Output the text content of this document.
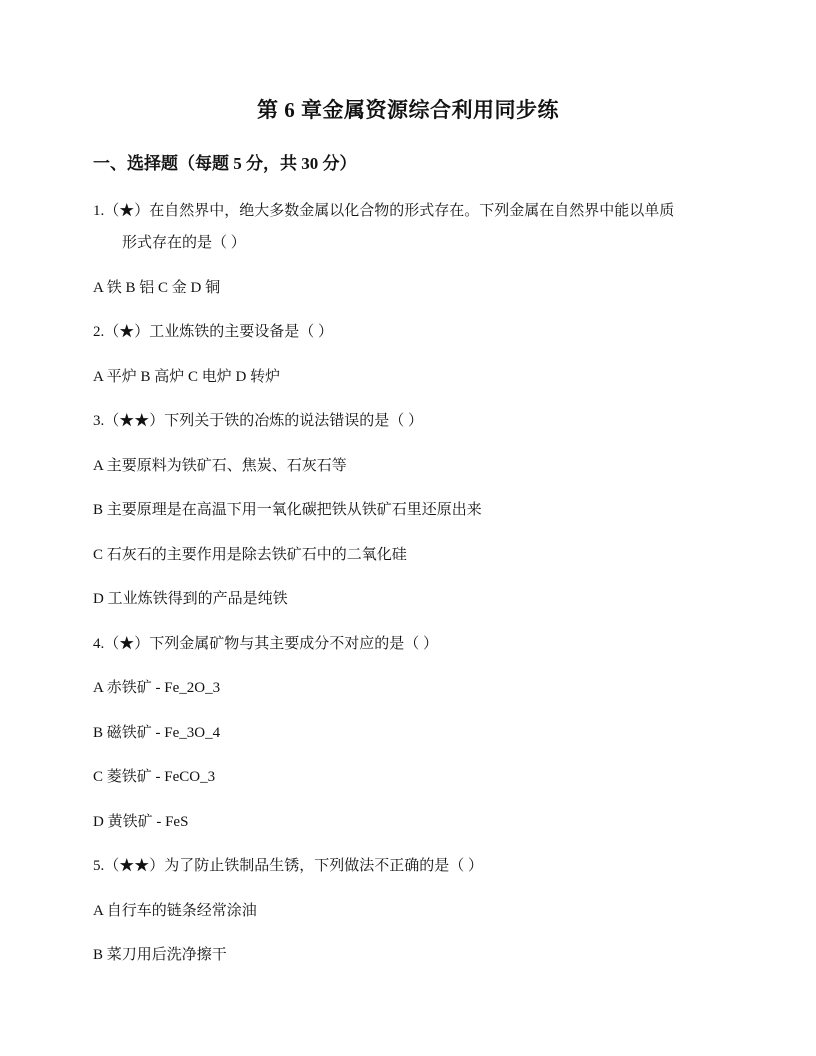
第 6 章金属资源综合利用同步练
一、选择题（每题 5 分，共 30 分）
1.（★）在自然界中，绝大多数金属以化合物的形式存在。下列金属在自然界中能以单质
形式存在的是（ ）
A 铁 B 铝 C 金 D 铜
2.（★）工业炼铁的主要设备是（ ）
A 平炉 B 高炉 C 电炉 D 转炉
3.（★★）下列关于铁的冶炼的说法错误的是（ ）
A 主要原料为铁矿石、焦炭、石灰石等
B 主要原理是在高温下用一氧化碳把铁从铁矿石里还原出来
C 石灰石的主要作用是除去铁矿石中的二氧化硅
D 工业炼铁得到的产品是纯铁
4.（★）下列金属矿物与其主要成分不对应的是（ ）
A 赤铁矿 - Fe_2O_3
B 磁铁矿 - Fe_3O_4
C 菱铁矿 - FeCO_3
D 黄铁矿 - FeS
5.（★★）为了防止铁制品生锈，下列做法不正确的是（ ）
A 自行车的链条经常涂油
B 菜刀用后洗净擦干
